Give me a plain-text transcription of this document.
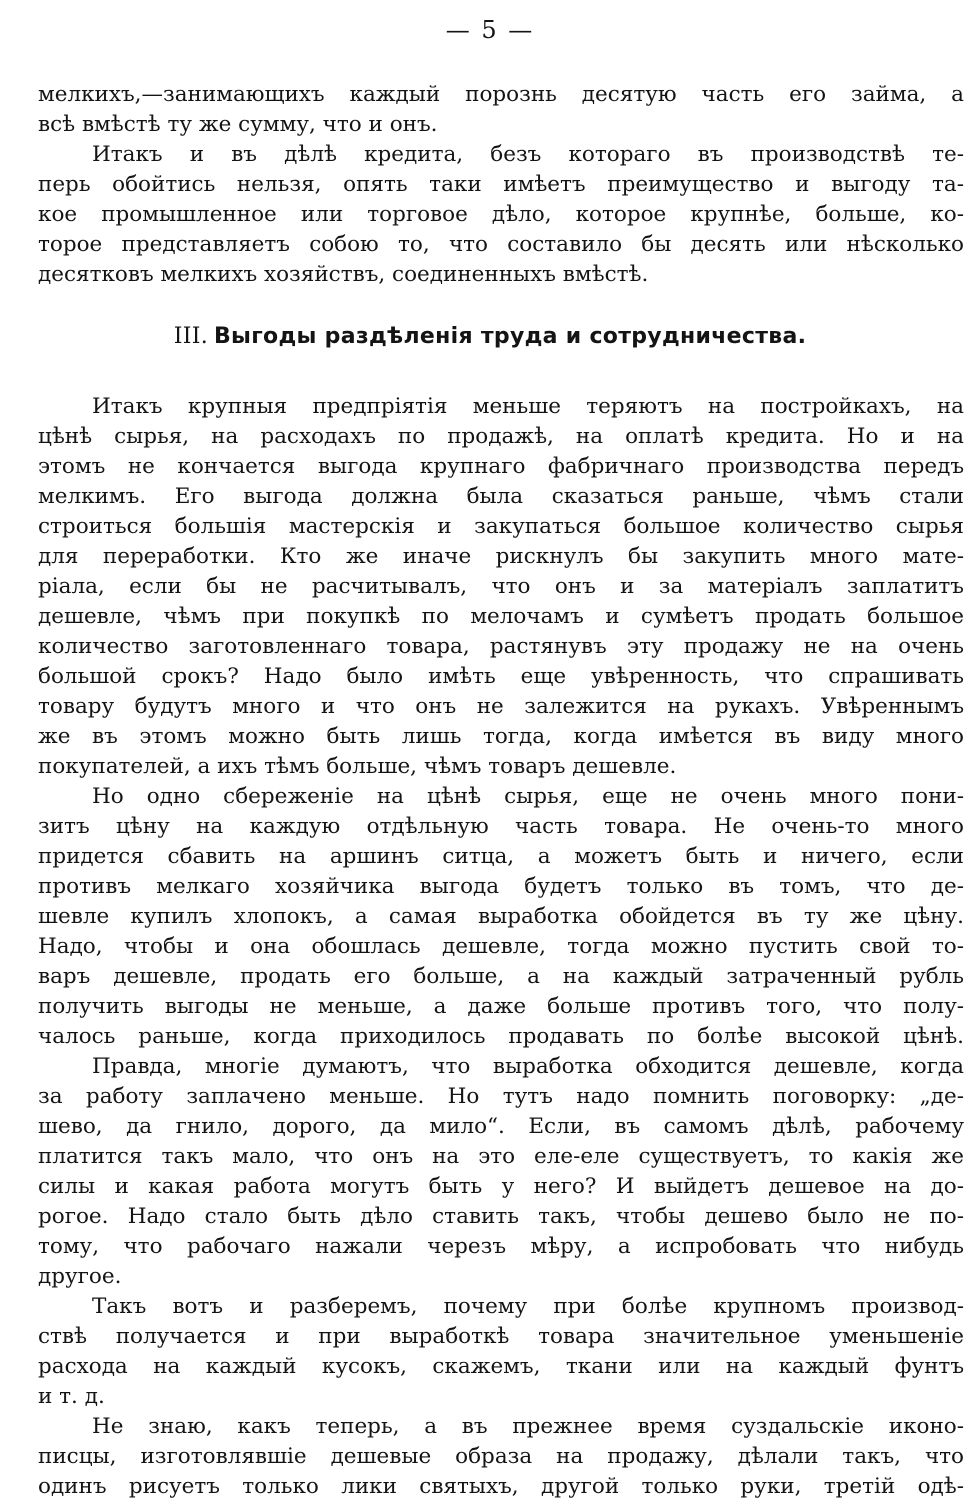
— 5 —
мелкихъ,—занимающихъ каждый порознь десятую часть его займа, а
всѣ вмѣстѣ ту же сумму, что и онъ.
Итакъ и въ дѣлѣ кредита, безъ котораго въ производствѣ те-
перь обойтись нельзя, опять таки имѣетъ преимущество и выгоду та-
кое промышленное или торговое дѣло, которое крупнѣе, больше, ко-
торое представляетъ собою то, что составило бы десять или нѣсколько
десятковъ мелкихъ хозяйствъ, соединенныхъ вмѣстѣ.
III. Выгоды раздѣленія труда и сотрудничества.
Итакъ крупныя предпріятія меньше теряютъ на постройкахъ, на
цѣнѣ сырья, на расходахъ по продажѣ, на оплатѣ кредита. Но и на
этомъ не кончается выгода крупнаго фабричнаго производства передъ
мелкимъ. Его выгода должна была сказаться раньше, чѣмъ стали
строиться большія мастерскія и закупаться большое количество сырья
для переработки. Кто же иначе рискнулъ бы закупить много мате-
ріала, если бы не расчитывалъ, что онъ и за матеріалъ заплатитъ
дешевле, чѣмъ при покупкѣ по мелочамъ и сумѣетъ продать большое
количество заготовленнаго товара, растянувъ эту продажу не на очень
большой срокъ? Надо было имѣть еще увѣренность, что спрашивать
товару будутъ много и что онъ не залежится на рукахъ. Увѣреннымъ
же въ этомъ можно быть лишь тогда, когда имѣется въ виду много
покупателей, а ихъ тѣмъ больше, чѣмъ товаръ дешевле.
Но одно сбереженіе на цѣнѣ сырья, еще не очень много пони-
зитъ цѣну на каждую отдѣльную часть товара. Не очень-то много
придется сбавить на аршинъ ситца, а можетъ быть и ничего, если
противъ мелкаго хозяйчика выгода будетъ только въ томъ, что де-
шевле купилъ хлопокъ, а самая выработка обойдется въ ту же цѣну.
Надо, чтобы и она обошлась дешевле, тогда можно пустить свой то-
варъ дешевле, продать его больше, а на каждый затраченный рубль
получить выгоды не меньше, а даже больше противъ того, что полу-
чалось раньше, когда приходилось продавать по болѣе высокой цѣнѣ.
Правда, многіе думаютъ, что выработка обходится дешевле, когда
за работу заплачено меньше. Но тутъ надо помнить поговорку: „де-
шево, да гнило, дорого, да мило“. Если, въ самомъ дѣлѣ, рабочему
платится такъ мало, что онъ на это еле-еле существуетъ, то какія же
силы и какая работа могутъ быть у него? И выйдетъ дешевое на до-
рогое. Надо стало быть дѣло ставить такъ, чтобы дешево было не по-
тому, что рабочаго нажали черезъ мѣру, а испробовать что нибудь
другое.
Такъ вотъ и разберемъ, почему при болѣе крупномъ производ-
ствѣ получается и при выработкѣ товара значительное уменьшеніе
расхода на каждый кусокъ, скажемъ, ткани или на каждый фунтъ
и т. д.
Не знаю, какъ теперь, а въ прежнее время суздальскіе иконо-
писцы, изготовлявшіе дешевые образа на продажу, дѣлали такъ, что
одинъ рисуетъ только лики святыхъ, другой только руки, третій одѣ-
